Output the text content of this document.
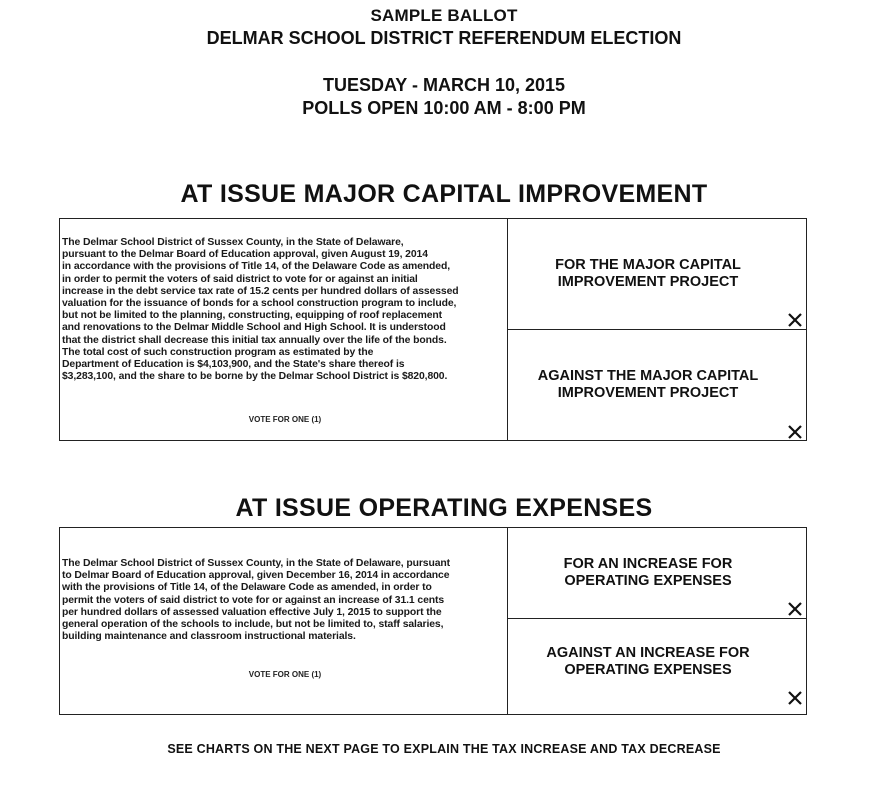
SAMPLE BALLOT
DELMAR SCHOOL DISTRICT REFERENDUM ELECTION
TUESDAY - MARCH 10, 2015
POLLS OPEN 10:00 AM - 8:00 PM
AT ISSUE MAJOR CAPITAL IMPROVEMENT
The Delmar School District of Sussex County, in the State of Delaware,
pursuant to the Delmar Board of Education approval, given August 19, 2014
in accordance with the provisions of Title 14, of the Delaware Code as amended,
in order to permit the voters of said district to vote for or against an initial
increase in the debt service tax rate of 15.2 cents per hundred dollars of assessed
valuation for the issuance of bonds for a school construction program to include,
but not be limited to the planning, constructing, equipping of roof replacement
and renovations to the Delmar Middle School and High School. It is understood
that the district shall decrease this initial tax annually over the life of the bonds.
The total cost of such construction program as estimated by the
Department of Education is $4,103,900, and the State's share thereof is
$3,283,100, and the share to be borne by the Delmar School District is $820,800.
VOTE FOR ONE (1)
FOR THE MAJOR CAPITAL
IMPROVEMENT PROJECT
AGAINST THE MAJOR CAPITAL
IMPROVEMENT PROJECT
AT ISSUE OPERATING EXPENSES
The Delmar School District of Sussex County, in the State of Delaware, pursuant
to Delmar Board of Education approval, given December 16, 2014 in accordance
with the provisions of Title 14, of the Delaware Code as amended, in order to
permit the voters of said district to vote for or against an increase of 31.1 cents
per hundred dollars of assessed valuation effective July 1, 2015 to support the
general operation of the schools to include, but not be limited to, staff salaries,
building maintenance and classroom instructional materials.
VOTE FOR ONE (1)
FOR AN INCREASE FOR
OPERATING EXPENSES
AGAINST AN INCREASE FOR
OPERATING EXPENSES
SEE CHARTS ON THE NEXT PAGE TO EXPLAIN THE TAX INCREASE AND TAX DECREASE
